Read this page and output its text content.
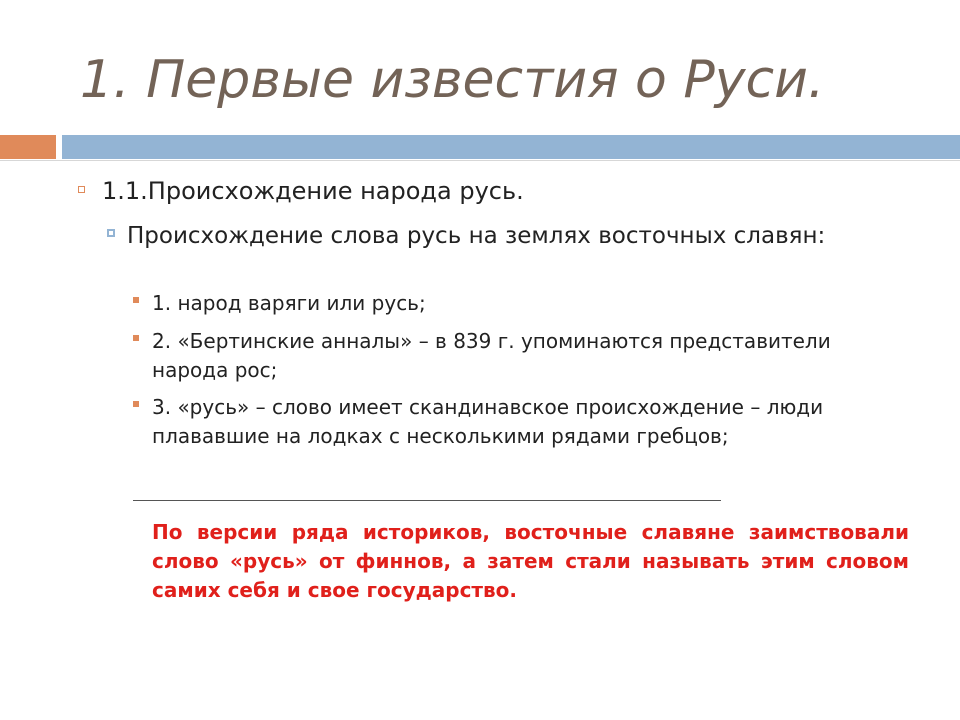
1. Первые известия о Руси.
1.1.Происхождение народа русь.
Происхождение слова русь на землях восточных славян:
1. народ варяги или русь;
2. «Бертинские анналы» – в 839 г. упоминаются представители народа рос;
3. «русь» – слово имеет скандинавское происхождение – люди плававшие на лодках с несколькими рядами гребцов;
По версии ряда историков, восточные славяне заимствовали слово «русь» от финнов, а затем стали называть этим словом самих себя и свое государство.
